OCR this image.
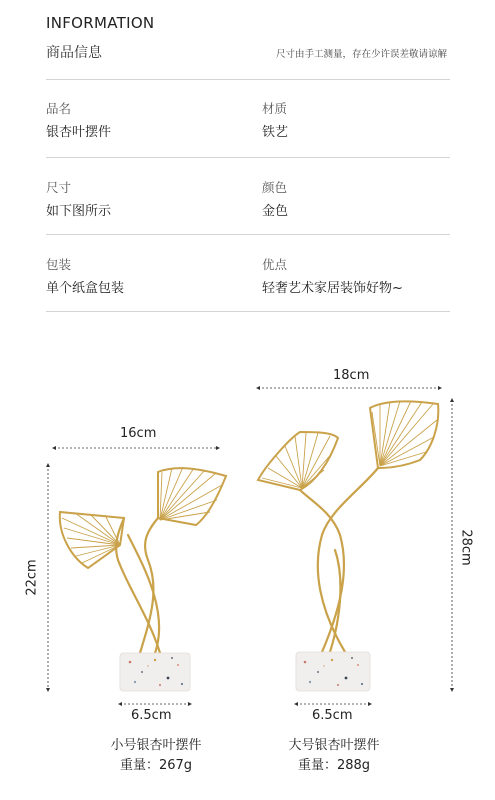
INFORMATION
商品信息	尺寸由手工测量，存在少许误差敬请谅解
品名
银杏叶摆件
材质
铁艺
尺寸
如下图所示
颜色
金色
包装
单个纸盒包装
优点
轻奢艺术家居装饰好物~
16cm
22cm
6.5cm
18cm
28cm
6.5cm
小号银杏叶摆件
重量：267g
大号银杏叶摆件
重量：288g
